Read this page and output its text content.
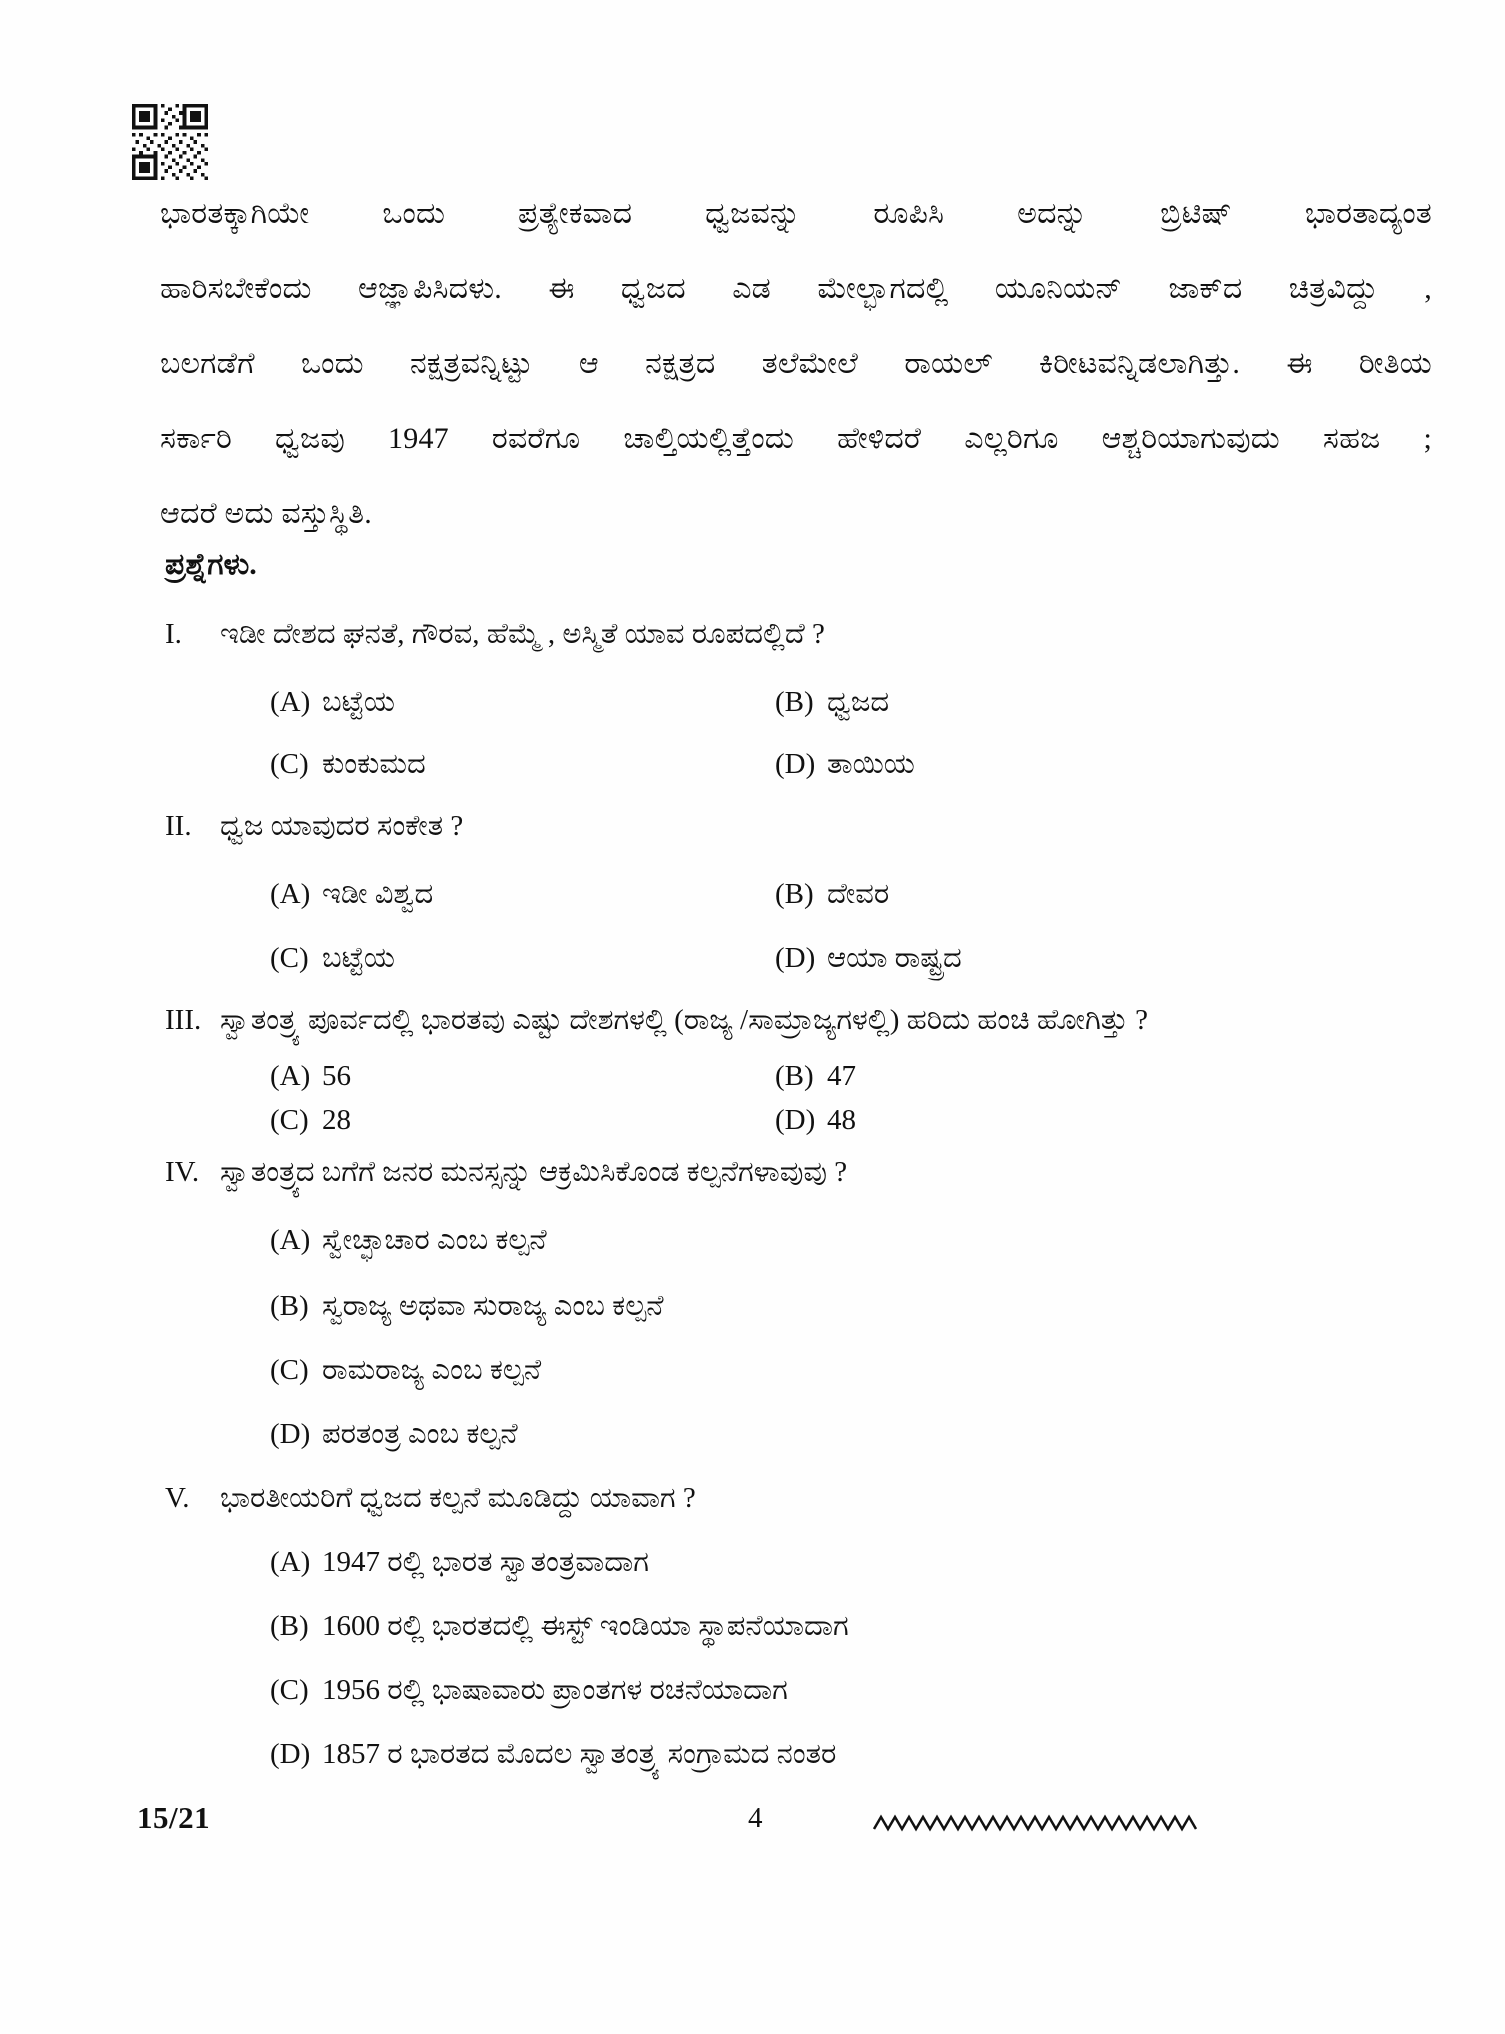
ಭಾರತಕ್ಕಾಗಿಯೇ ಒಂದು ಪ್ರತ್ಯೇಕವಾದ ಧ್ವಜವನ್ನು ರೂಪಿಸಿ ಅದನ್ನು ಬ್ರಿಟಿಷ್ ಭಾರತಾದ್ಯಂತ
ಹಾರಿಸಬೇಕೆಂದು ಆಜ್ಞಾಪಿಸಿದಳು. ಈ ಧ್ವಜದ ಎಡ ಮೇಲ್ಭಾಗದಲ್ಲಿ ಯೂನಿಯನ್ ಜಾಕ್‌ದ ಚಿತ್ರವಿದ್ದು ,
ಬಲಗಡೆಗೆ ಒಂದು ನಕ್ಷತ್ರವನ್ನಿಟ್ಟು ಆ ನಕ್ಷತ್ರದ ತಲೆಮೇಲೆ ರಾಯಲ್ ಕಿರೀಟವನ್ನಿಡಲಾಗಿತ್ತು. ಈ ರೀತಿಯ
ಸರ್ಕಾರಿ ಧ್ವಜವು 1947 ರವರೆಗೂ ಚಾಲ್ತಿಯಲ್ಲಿತ್ತೆಂದು ಹೇಳಿದರೆ ಎಲ್ಲರಿಗೂ ಆಶ್ಚರಿಯಾಗುವುದು ಸಹಜ ;
ಆದರೆ ಅದು ವಸ್ತುಸ್ಥಿತಿ.
ಪ್ರಶ್ನೆಗಳು.
I. ಇಡೀ ದೇಶದ ಘನತೆ, ಗೌರವ, ಹೆಮ್ಮೆ , ಅಸ್ಮಿತೆ ಯಾವ ರೂಪದಲ್ಲಿದೆ ?
(A) ಬಟ್ಟೆಯ	(B) ಧ್ವಜದ
(C) ಕುಂಕುಮದ	(D) ತಾಯಿಯ
II. ಧ್ವಜ ಯಾವುದರ ಸಂಕೇತ ?
(A) ಇಡೀ ವಿಶ್ವದ	(B) ದೇವರ
(C) ಬಟ್ಟೆಯ	(D) ಆಯಾ ರಾಷ್ಟ್ರದ
III. ಸ್ವಾತಂತ್ರ್ಯ ಪೂರ್ವದಲ್ಲಿ ಭಾರತವು ಎಷ್ಟು ದೇಶಗಳಲ್ಲಿ (ರಾಜ್ಯ /ಸಾಮ್ರಾಜ್ಯಗಳಲ್ಲಿ) ಹರಿದು ಹಂಚಿ ಹೋಗಿತ್ತು ?
(A) 56	(B) 47
(C) 28	(D) 48
IV. ಸ್ವಾತಂತ್ರ್ಯದ ಬಗೆಗೆ ಜನರ ಮನಸ್ಸನ್ನು ಆಕ್ರಮಿಸಿಕೊಂಡ ಕಲ್ಪನೆಗಳಾವುವು ?
(A) ಸ್ವೇಚ್ಛಾಚಾರ ಎಂಬ ಕಲ್ಪನೆ
(B) ಸ್ವರಾಜ್ಯ ಅಥವಾ ಸುರಾಜ್ಯ ಎಂಬ ಕಲ್ಪನೆ
(C) ರಾಮರಾಜ್ಯ ಎಂಬ ಕಲ್ಪನೆ
(D) ಪರತಂತ್ರ ಎಂಬ ಕಲ್ಪನೆ
V. ಭಾರತೀಯರಿಗೆ ಧ್ವಜದ ಕಲ್ಪನೆ ಮೂಡಿದ್ದು ಯಾವಾಗ ?
(A) 1947 ರಲ್ಲಿ ಭಾರತ ಸ್ವಾತಂತ್ರವಾದಾಗ
(B) 1600 ರಲ್ಲಿ ಭಾರತದಲ್ಲಿ ಈಸ್ಟ್ ಇಂಡಿಯಾ ಸ್ಥಾಪನೆಯಾದಾಗ
(C) 1956 ರಲ್ಲಿ ಭಾಷಾವಾರು ಪ್ರಾಂತಗಳ ರಚನೆಯಾದಾಗ
(D) 1857 ರ ಭಾರತದ ಮೊದಲ ಸ್ವಾತಂತ್ರ್ಯ ಸಂಗ್ರಾಮದ ನಂತರ
15/21	4
